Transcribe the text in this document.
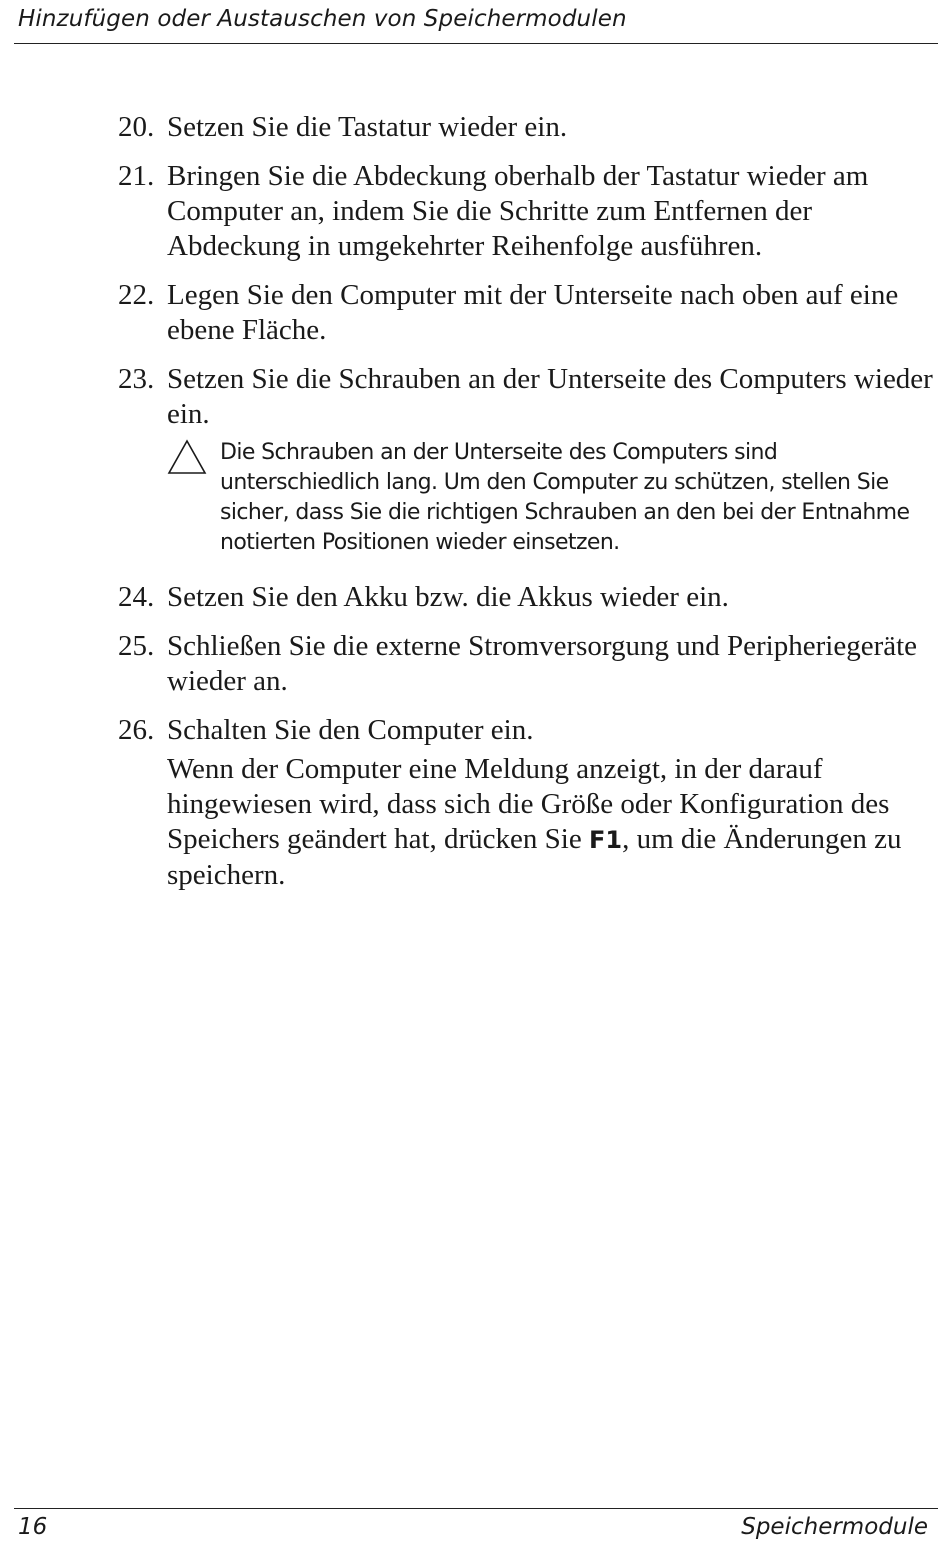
Hinzufügen oder Austauschen von Speichermodulen
20. Setzen Sie die Tastatur wieder ein.
21. Bringen Sie die Abdeckung oberhalb der Tastatur wieder am Computer an, indem Sie die Schritte zum Entfernen der Abdeckung in umgekehrter Reihenfolge ausführen.
22. Legen Sie den Computer mit der Unterseite nach oben auf eine ebene Fläche.
23. Setzen Sie die Schrauben an der Unterseite des Computers wieder ein.
Die Schrauben an der Unterseite des Computers sind unterschiedlich lang. Um den Computer zu schützen, stellen Sie sicher, dass Sie die richtigen Schrauben an den bei der Entnahme notierten Positionen wieder einsetzen.
24. Setzen Sie den Akku bzw. die Akkus wieder ein.
25. Schließen Sie die externe Stromversorgung und Peripheriegeräte wieder an.
26. Schalten Sie den Computer ein.
Wenn der Computer eine Meldung anzeigt, in der darauf hingewiesen wird, dass sich die Größe oder Konfiguration des Speichers geändert hat, drücken Sie F1, um die Änderungen zu speichern.
16	Speichermodule
